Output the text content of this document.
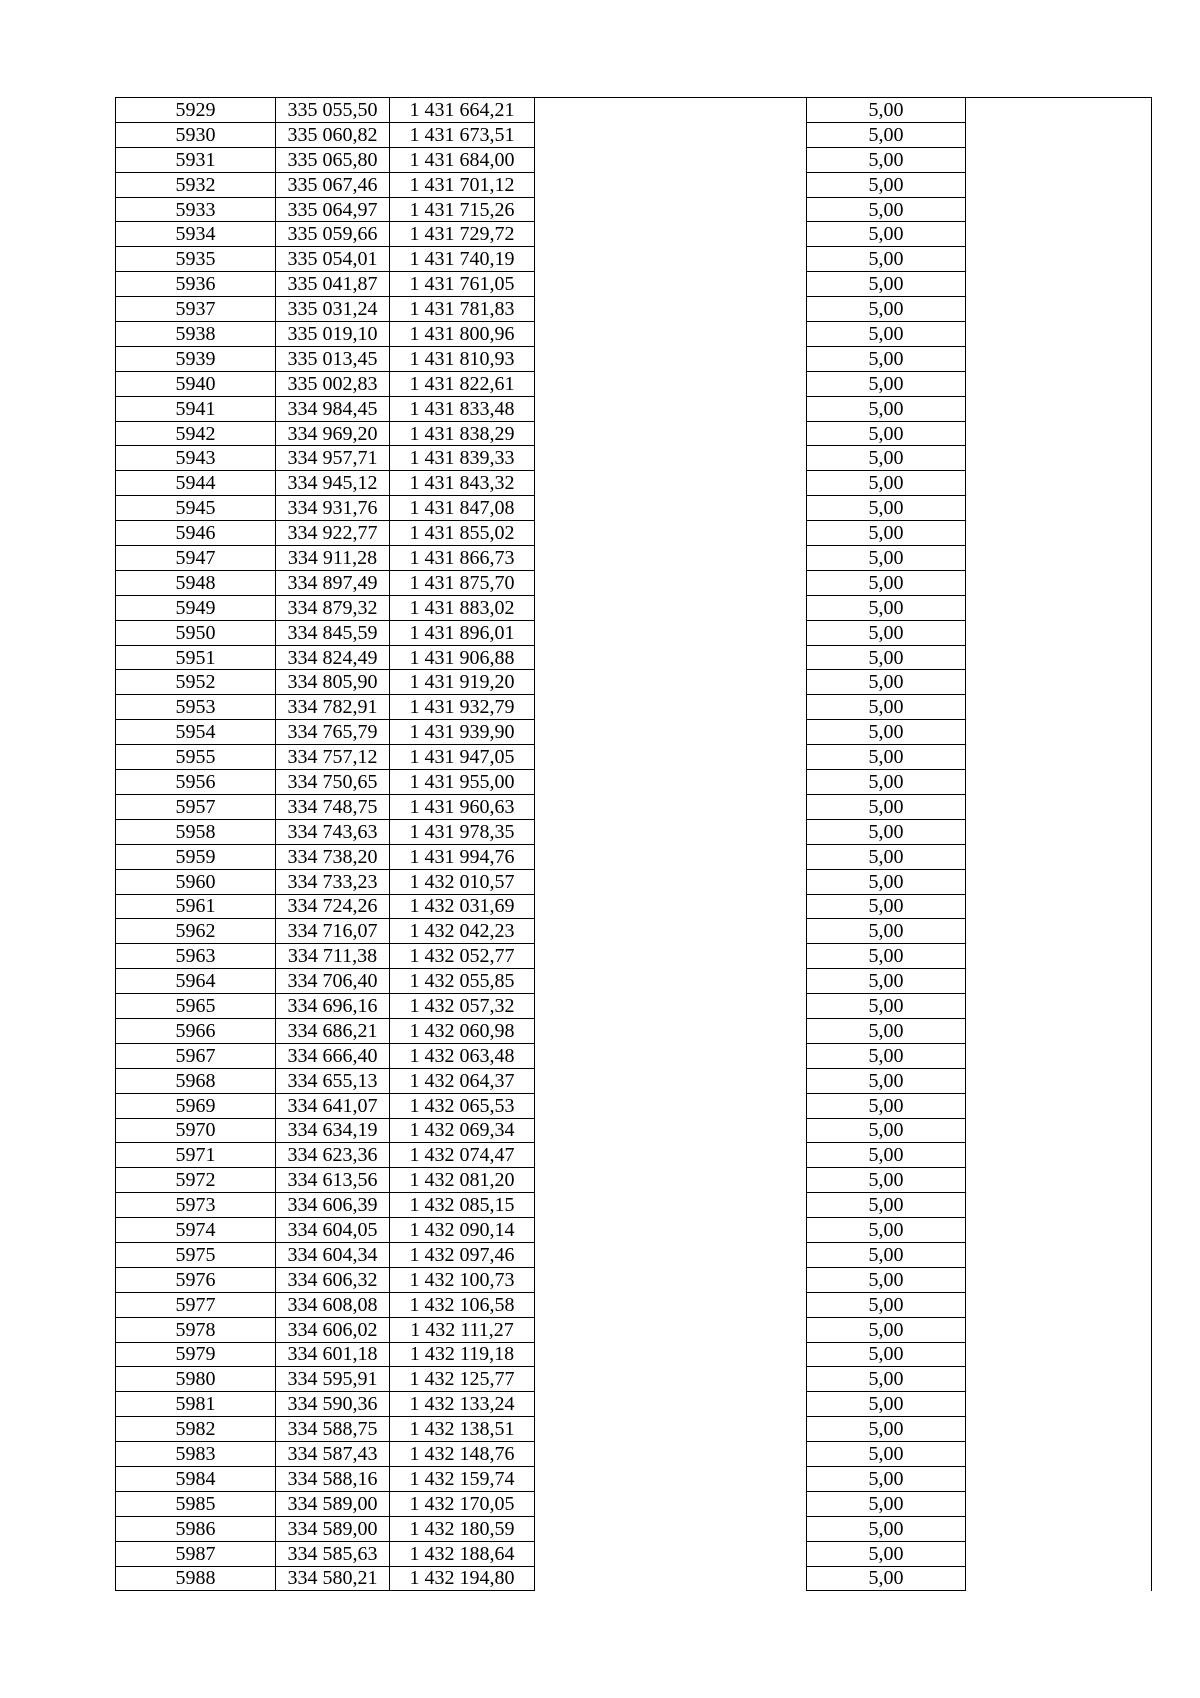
5929	335 055,50	1 431 664,21		5,00	
5930	335 060,82	1 431 673,51		5,00	
5931	335 065,80	1 431 684,00		5,00	
5932	335 067,46	1 431 701,12		5,00	
5933	335 064,97	1 431 715,26		5,00	
5934	335 059,66	1 431 729,72		5,00	
5935	335 054,01	1 431 740,19		5,00	
5936	335 041,87	1 431 761,05		5,00	
5937	335 031,24	1 431 781,83		5,00	
5938	335 019,10	1 431 800,96		5,00	
5939	335 013,45	1 431 810,93		5,00	
5940	335 002,83	1 431 822,61		5,00	
5941	334 984,45	1 431 833,48		5,00	
5942	334 969,20	1 431 838,29		5,00	
5943	334 957,71	1 431 839,33		5,00	
5944	334 945,12	1 431 843,32		5,00	
5945	334 931,76	1 431 847,08		5,00	
5946	334 922,77	1 431 855,02		5,00	
5947	334 911,28	1 431 866,73		5,00	
5948	334 897,49	1 431 875,70		5,00	
5949	334 879,32	1 431 883,02		5,00	
5950	334 845,59	1 431 896,01		5,00	
5951	334 824,49	1 431 906,88		5,00	
5952	334 805,90	1 431 919,20		5,00	
5953	334 782,91	1 431 932,79		5,00	
5954	334 765,79	1 431 939,90		5,00	
5955	334 757,12	1 431 947,05		5,00	
5956	334 750,65	1 431 955,00		5,00	
5957	334 748,75	1 431 960,63		5,00	
5958	334 743,63	1 431 978,35		5,00	
5959	334 738,20	1 431 994,76		5,00	
5960	334 733,23	1 432 010,57		5,00	
5961	334 724,26	1 432 031,69		5,00	
5962	334 716,07	1 432 042,23		5,00	
5963	334 711,38	1 432 052,77		5,00	
5964	334 706,40	1 432 055,85		5,00	
5965	334 696,16	1 432 057,32		5,00	
5966	334 686,21	1 432 060,98		5,00	
5967	334 666,40	1 432 063,48		5,00	
5968	334 655,13	1 432 064,37		5,00	
5969	334 641,07	1 432 065,53		5,00	
5970	334 634,19	1 432 069,34		5,00	
5971	334 623,36	1 432 074,47		5,00	
5972	334 613,56	1 432 081,20		5,00	
5973	334 606,39	1 432 085,15		5,00	
5974	334 604,05	1 432 090,14		5,00	
5975	334 604,34	1 432 097,46		5,00	
5976	334 606,32	1 432 100,73		5,00	
5977	334 608,08	1 432 106,58		5,00	
5978	334 606,02	1 432 111,27		5,00	
5979	334 601,18	1 432 119,18		5,00	
5980	334 595,91	1 432 125,77		5,00	
5981	334 590,36	1 432 133,24		5,00	
5982	334 588,75	1 432 138,51		5,00	
5983	334 587,43	1 432 148,76		5,00	
5984	334 588,16	1 432 159,74		5,00	
5985	334 589,00	1 432 170,05		5,00	
5986	334 589,00	1 432 180,59		5,00	
5987	334 585,63	1 432 188,64		5,00	
5988	334 580,21	1 432 194,80		5,00	
